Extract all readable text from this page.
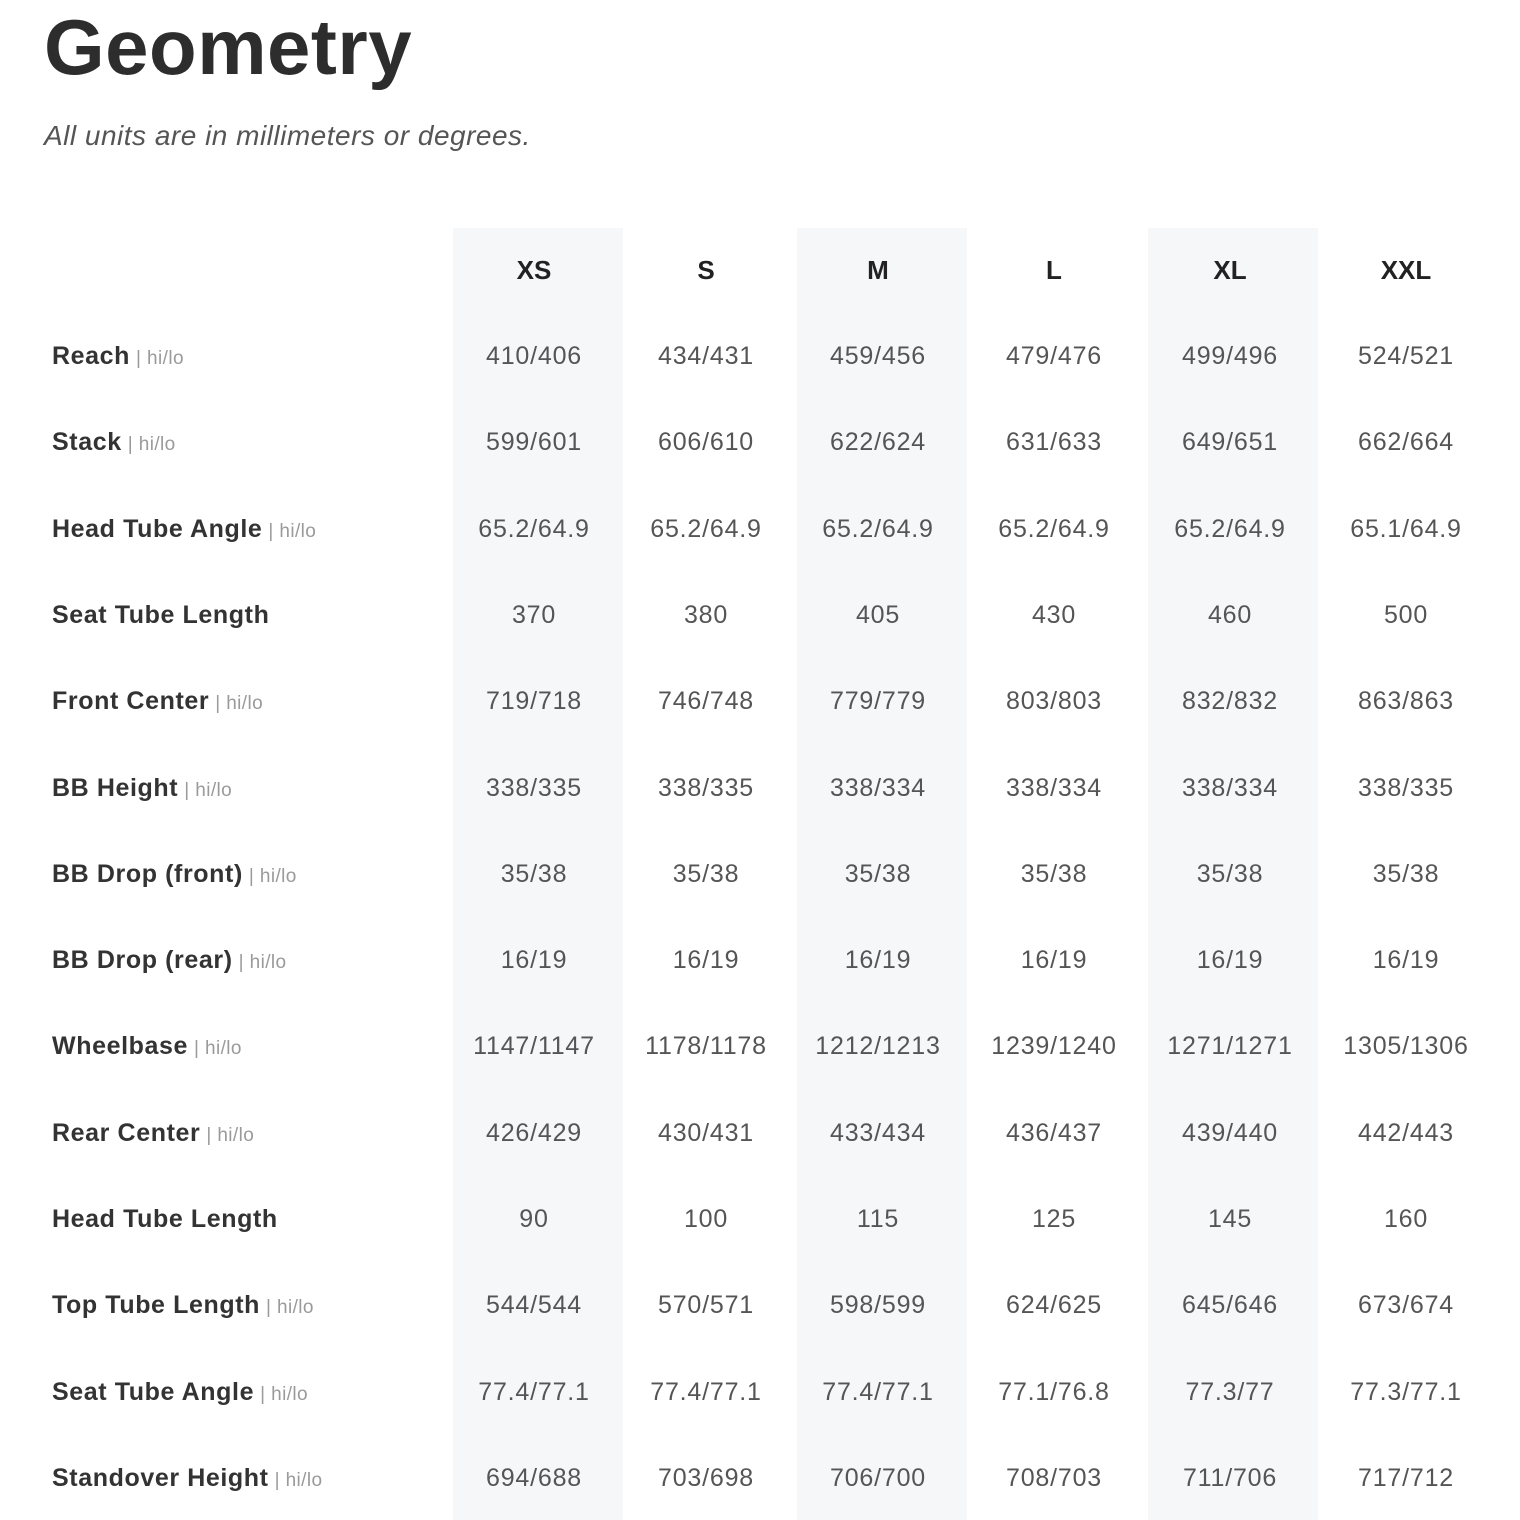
Geometry
All units are in millimeters or degrees.
XS	S	M	L	XL	XXL
Reach | hi/lo	410/406	434/431	459/456	479/476	499/496	524/521
Stack | hi/lo	599/601	606/610	622/624	631/633	649/651	662/664
Head Tube Angle | hi/lo	65.2/64.9	65.2/64.9	65.2/64.9	65.2/64.9	65.2/64.9	65.1/64.9
Seat Tube Length	370	380	405	430	460	500
Front Center | hi/lo	719/718	746/748	779/779	803/803	832/832	863/863
BB Height | hi/lo	338/335	338/335	338/334	338/334	338/334	338/335
BB Drop (front) | hi/lo	35/38	35/38	35/38	35/38	35/38	35/38
BB Drop (rear) | hi/lo	16/19	16/19	16/19	16/19	16/19	16/19
Wheelbase | hi/lo	1147/1147	1178/1178	1212/1213	1239/1240	1271/1271	1305/1306
Rear Center | hi/lo	426/429	430/431	433/434	436/437	439/440	442/443
Head Tube Length	90	100	115	125	145	160
Top Tube Length | hi/lo	544/544	570/571	598/599	624/625	645/646	673/674
Seat Tube Angle | hi/lo	77.4/77.1	77.4/77.1	77.4/77.1	77.1/76.8	77.3/77	77.3/77.1
Standover Height | hi/lo	694/688	703/698	706/700	708/703	711/706	717/712
